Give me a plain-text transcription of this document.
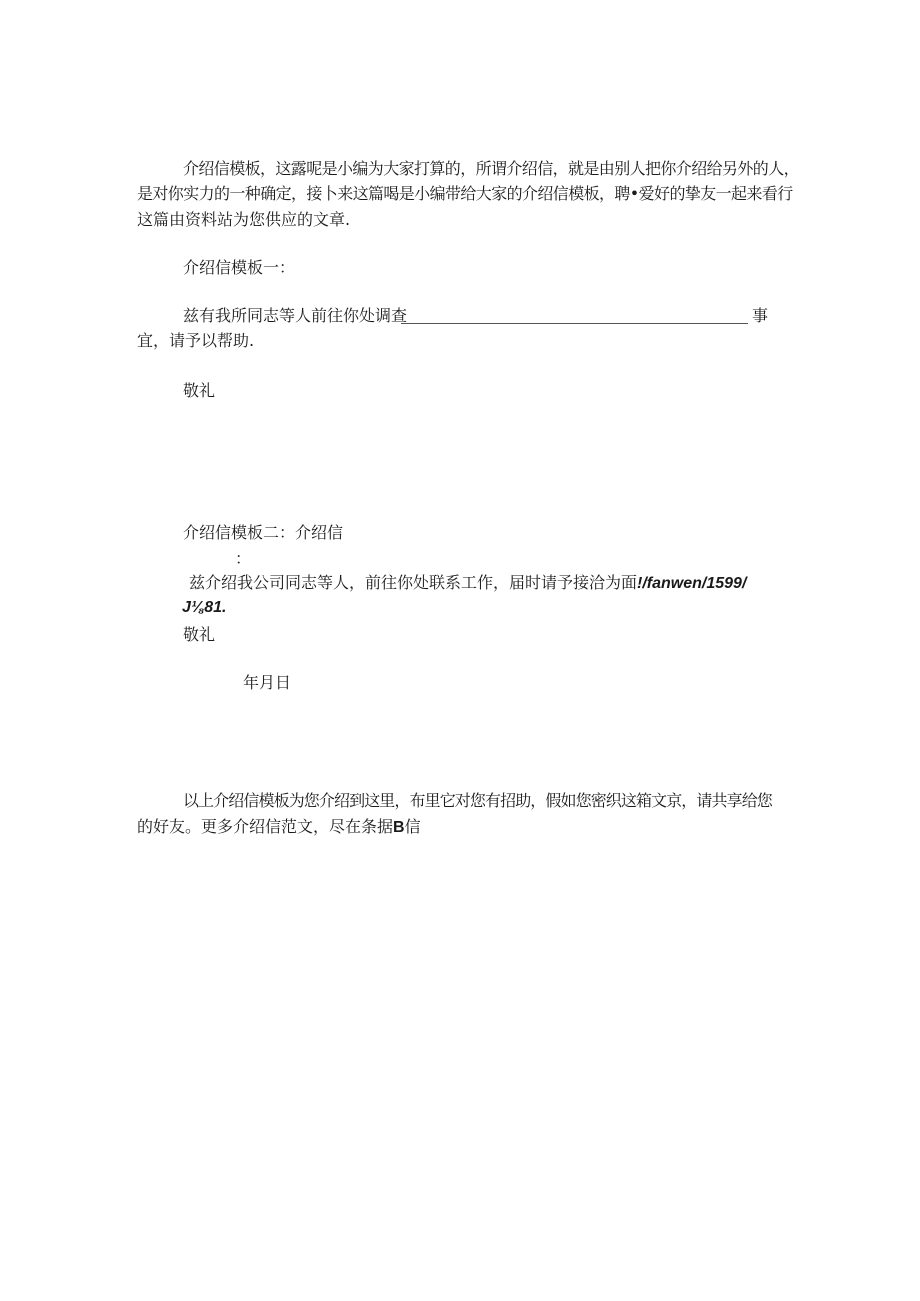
介绍信模板，这露呢是小编为大家打算的，所谓介绍信，就是由别人把你介绍给另外的人，
是对你实力的一种确定，接卜来这篇喝是小编带给大家的介绍信模板，聘•爱好的挚友一起来看行
这篇由资料站为您供应的文章.
介绍信模板一：
兹有我所同志等人前往你处调查	事
宜，请予以帮助.
敬礼
介绍信模板二：介绍信
：
兹介绍我公司同志等人，前往你处联系工作，届时请予接洽为面!/fanwen/1599/
J⅛81.
敬礼
年月日
以上介绍信模板为您介绍到这里，布里它对您有招助，假如您密织这箱文京，请共享给您
的好友。更多介绍信范文，尽在条据B信
